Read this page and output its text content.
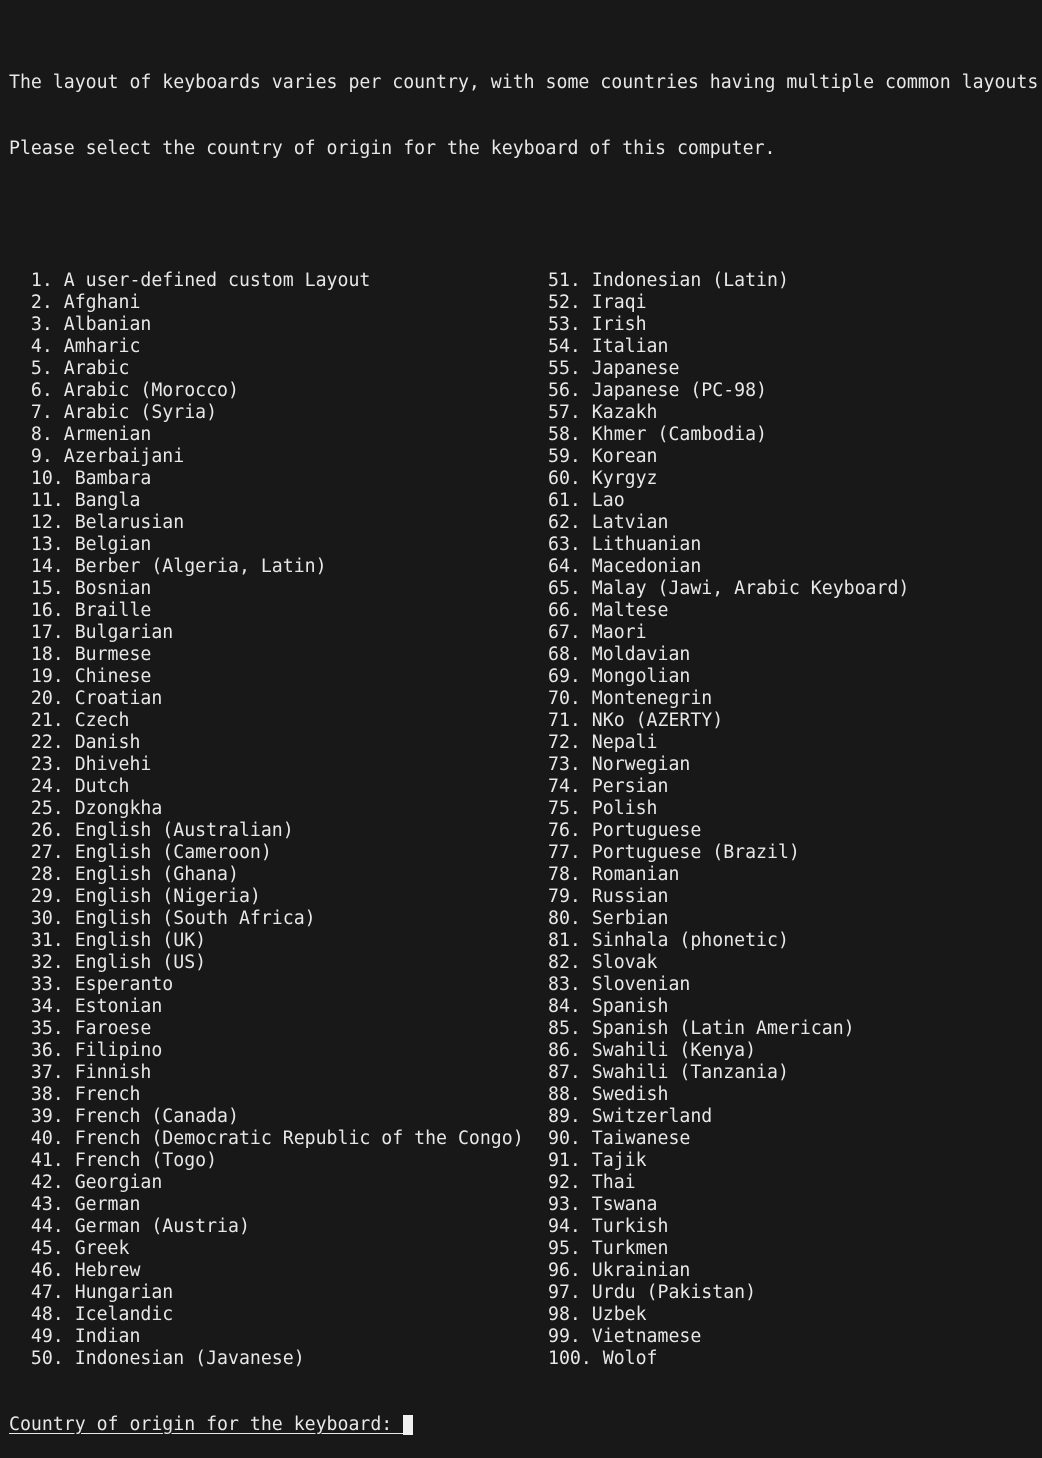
The layout of keyboards varies per country, with some countries having multiple common layouts

Please select the country of origin for the keyboard of this computer.

1. A user-defined custom Layout
2. Afghani
3. Albanian
4. Amharic
5. Arabic
6. Arabic (Morocco)
7. Arabic (Syria)
8. Armenian
9. Azerbaijani
10. Bambara
11. Bangla
12. Belarusian
13. Belgian
14. Berber (Algeria, Latin)
15. Bosnian
16. Braille
17. Bulgarian
18. Burmese
19. Chinese
20. Croatian
21. Czech
22. Danish
23. Dhivehi
24. Dutch
25. Dzongkha
26. English (Australian)
27. English (Cameroon)
28. English (Ghana)
29. English (Nigeria)
30. English (South Africa)
31. English (UK)
32. English (US)
33. Esperanto
34. Estonian
35. Faroese
36. Filipino
37. Finnish
38. French
39. French (Canada)
40. French (Democratic Republic of the Congo)
41. French (Togo)
42. Georgian
43. German
44. German (Austria)
45. Greek
46. Hebrew
47. Hungarian
48. Icelandic
49. Indian
50. Indonesian (Javanese)

51. Indonesian (Latin)
52. Iraqi
53. Irish
54. Italian
55. Japanese
56. Japanese (PC-98)
57. Kazakh
58. Khmer (Cambodia)
59. Korean
60. Kyrgyz
61. Lao
62. Latvian
63. Lithuanian
64. Macedonian
65. Malay (Jawi, Arabic Keyboard)
66. Maltese
67. Maori
68. Moldavian
69. Mongolian
70. Montenegrin
71. NKo (AZERTY)
72. Nepali
73. Norwegian
74. Persian
75. Polish
76. Portuguese
77. Portuguese (Brazil)
78. Romanian
79. Russian
80. Serbian
81. Sinhala (phonetic)
82. Slovak
83. Slovenian
84. Spanish
85. Spanish (Latin American)
86. Swahili (Kenya)
87. Swahili (Tanzania)
88. Swedish
89. Switzerland
90. Taiwanese
91. Tajik
92. Thai
93. Tswana
94. Turkish
95. Turkmen
96. Ukrainian
97. Urdu (Pakistan)
98. Uzbek
99. Vietnamese
100. Wolof

Country of origin for the keyboard:
